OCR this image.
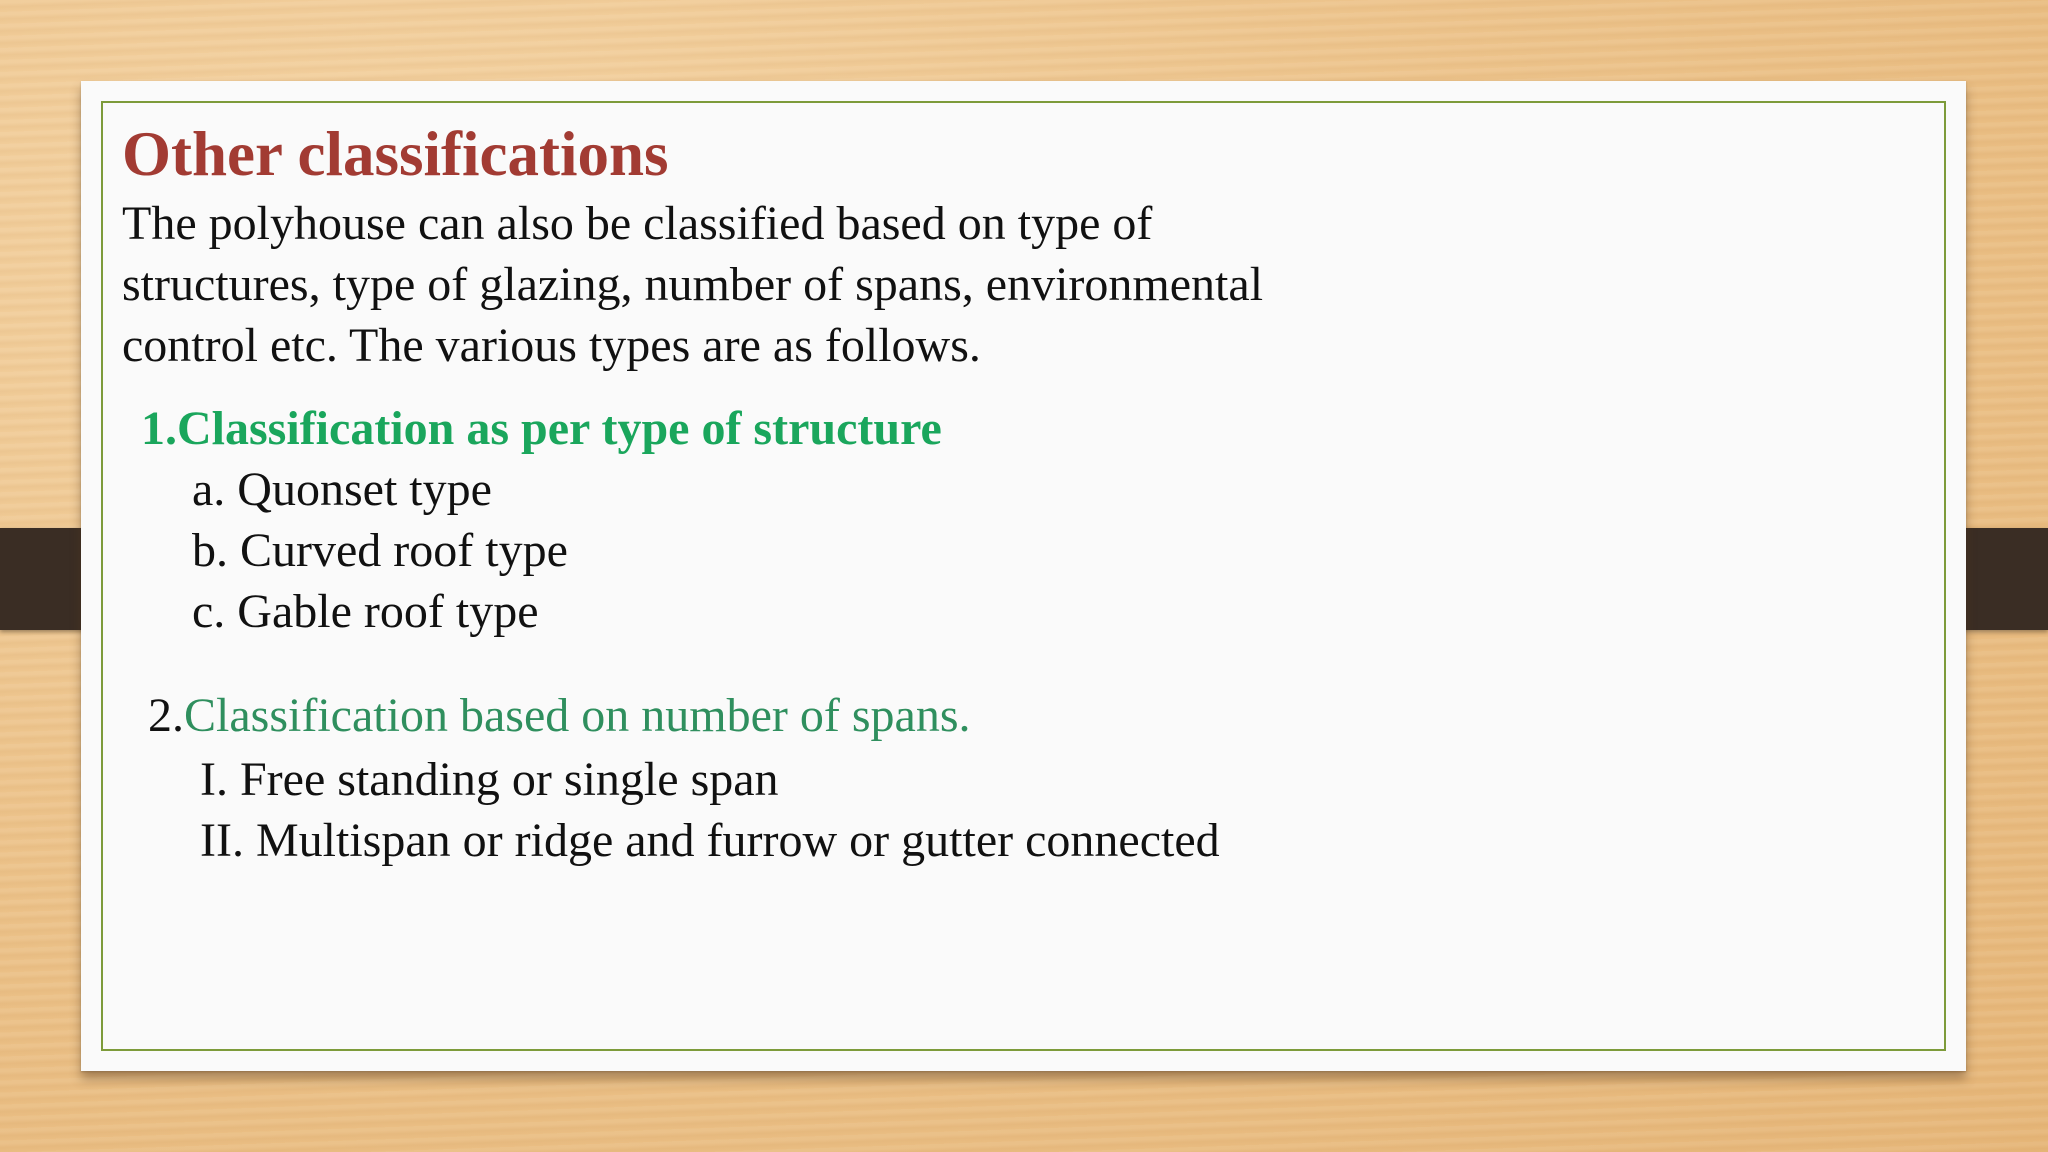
Other classifications

The polyhouse can also be classified based on type of
structures, type of glazing, number of spans, environmental
control etc. The various types are as follows.

1.Classification as per type of structure
a. Quonset type
b. Curved roof type
c. Gable roof type
2.Classification based on number of spans.
I. Free standing or single span
II. Multispan or ridge and furrow or gutter connected
